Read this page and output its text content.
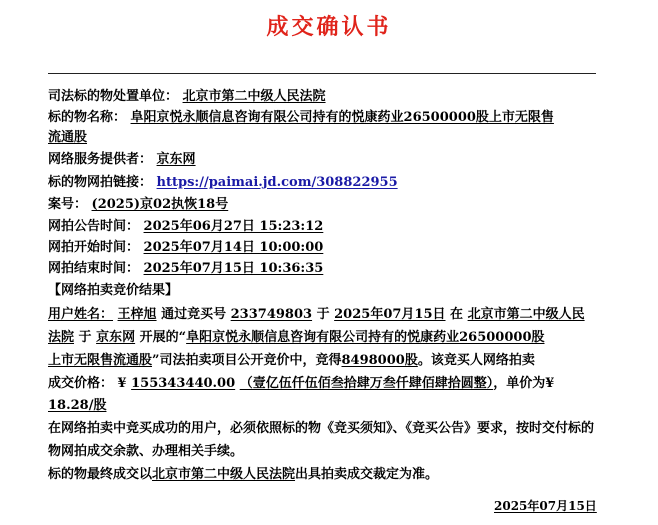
成交确认书
司法标的物处置单位： 北京市第二中级人民法院
标的物名称： 阜阳京悦永顺信息咨询有限公司持有的悦康药业26500000股上市无限售
流通股
网络服务提供者： 京东网
标的物网拍链接： https://paimai.jd.com/308822955
案号： (2025)京02执恢18号
网拍公告时间： 2025年06月27日 15:23:12
网拍开始时间： 2025年07月14日 10:00:00
网拍结束时间： 2025年07月15日 10:36:35
【网络拍卖竞价结果】
用户姓名： 王梓旭 通过竞买号 233749803 于 2025年07月15日 在 北京市第二中级人民
法院 于 京东网 开展的“阜阳京悦永顺信息咨询有限公司持有的悦康药业26500000股
上市无限售流通股”司法拍卖项目公开竞价中，竞得8498000股。该竞买人网络拍卖
成交价格： ¥ 155343440.00 （壹亿伍仟伍佰叁拾肆万叁仟肆佰肆拾圆整），单价为¥
18.28/股
在网络拍卖中竞买成功的用户，必须依照标的物《竞买须知》、《竞买公告》要求，按时交付标的物网拍成交余款、办理相关手续。
标的物最终成交以北京市第二中级人民法院出具拍卖成交裁定为准。
2025年07月15日
